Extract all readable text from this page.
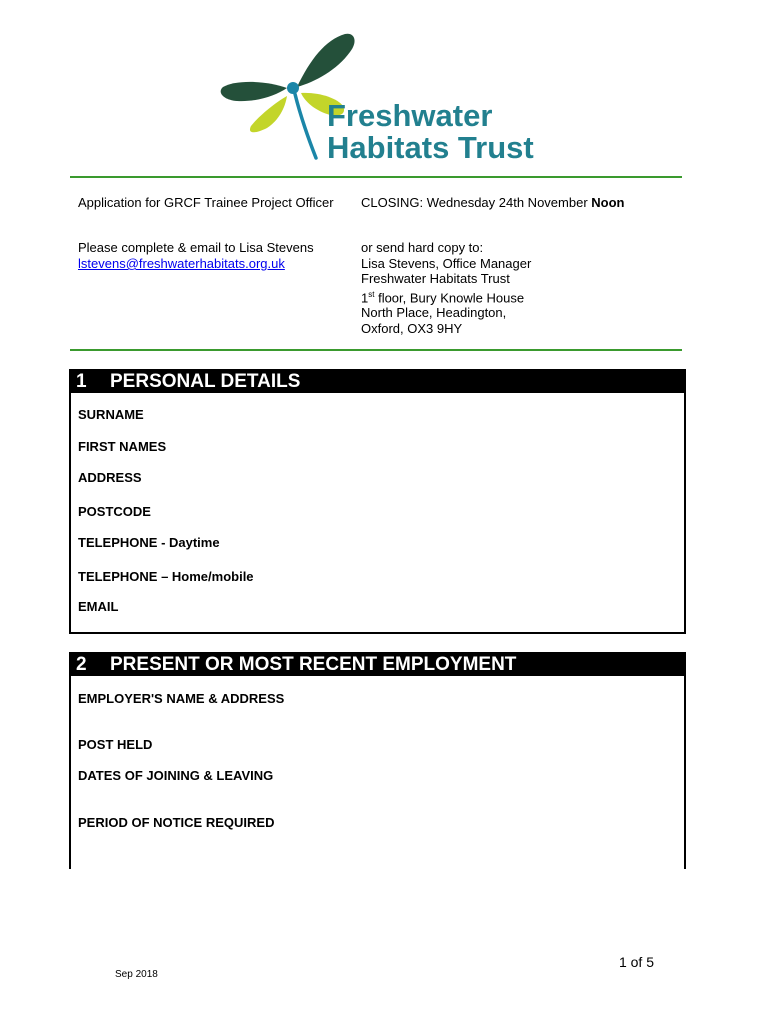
Freshwater
Habitats Trust
Application for GRCF Trainee Project Officer
Please complete & email to Lisa Stevens
lstevens@freshwaterhabitats.org.uk
CLOSING: Wednesday 24th November Noon
or send hard copy to:
Lisa Stevens, Office Manager
Freshwater Habitats Trust
1st floor, Bury Knowle House
North Place, Headington,
Oxford, OX3 9HY
1 PERSONAL DETAILS
SURNAME
FIRST NAMES
ADDRESS
POSTCODE
TELEPHONE - Daytime
TELEPHONE – Home/mobile
EMAIL
2 PRESENT OR MOST RECENT EMPLOYMENT
EMPLOYER'S NAME & ADDRESS
POST HELD
DATES OF JOINING & LEAVING
PERIOD OF NOTICE REQUIRED
1 of 5
Sep 2018
